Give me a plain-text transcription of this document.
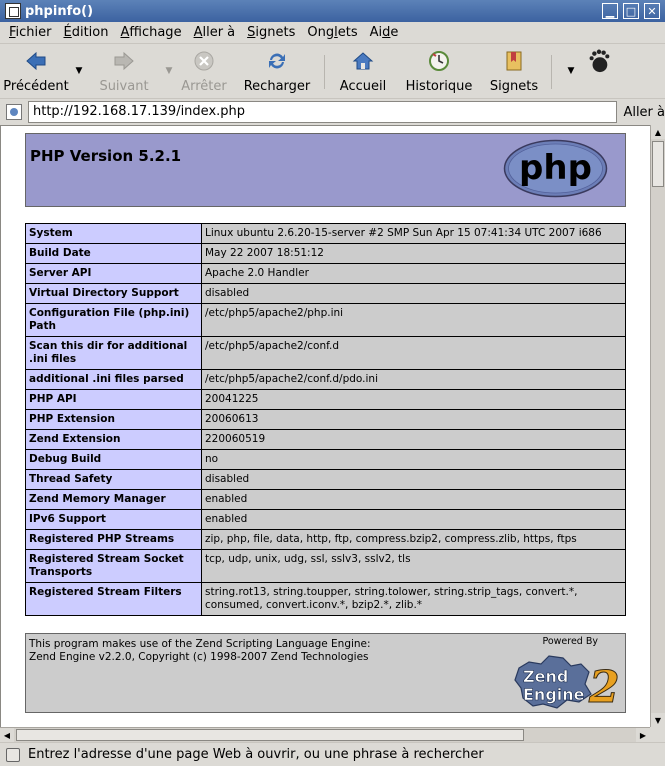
phpinfo()	▁	□	✕
Fichier Édition Affichage Aller à Signets Onglets Aide
Précédent
▼
Suivant
▼
Arrêter Recharger Accueil Historique Signets
▼
http://192.168.17.139/index.php	Aller à
PHP Version 5.2.1	php
System	Linux ubuntu 2.6.20-15-server #2 SMP Sun Apr 15 07:41:34 UTC 2007 i686
Build Date	May 22 2007 18:51:12
Server API	Apache 2.0 Handler
Virtual Directory Support	disabled
Configuration File (php.ini) Path	/etc/php5/apache2/php.ini
Scan this dir for additional .ini files	/etc/php5/apache2/conf.d
additional .ini files parsed	/etc/php5/apache2/conf.d/pdo.ini
PHP API	20041225
PHP Extension	20060613
Zend Extension	220060519
Debug Build	no
Thread Safety	disabled
Zend Memory Manager	enabled
IPv6 Support	enabled
Registered PHP Streams	zip, php, file, data, http, ftp, compress.bzip2, compress.zlib, https, ftps
Registered Stream Socket Transports	tcp, udp, unix, udg, ssl, sslv3, sslv2, tls
Registered Stream Filters	string.rot13, string.toupper, string.tolower, string.strip_tags, convert.*, consumed, convert.iconv.*, bzip2.*, zlib.*
This program makes use of the Zend Scripting Language Engine:
Zend Engine v2.2.0, Copyright (c) 1998-2007 Zend Technologies
Powered By
Zend
Engine 2
▲
▼
◀	▶
Entrez l'adresse d'une page Web à ouvrir, ou une phrase à rechercher
